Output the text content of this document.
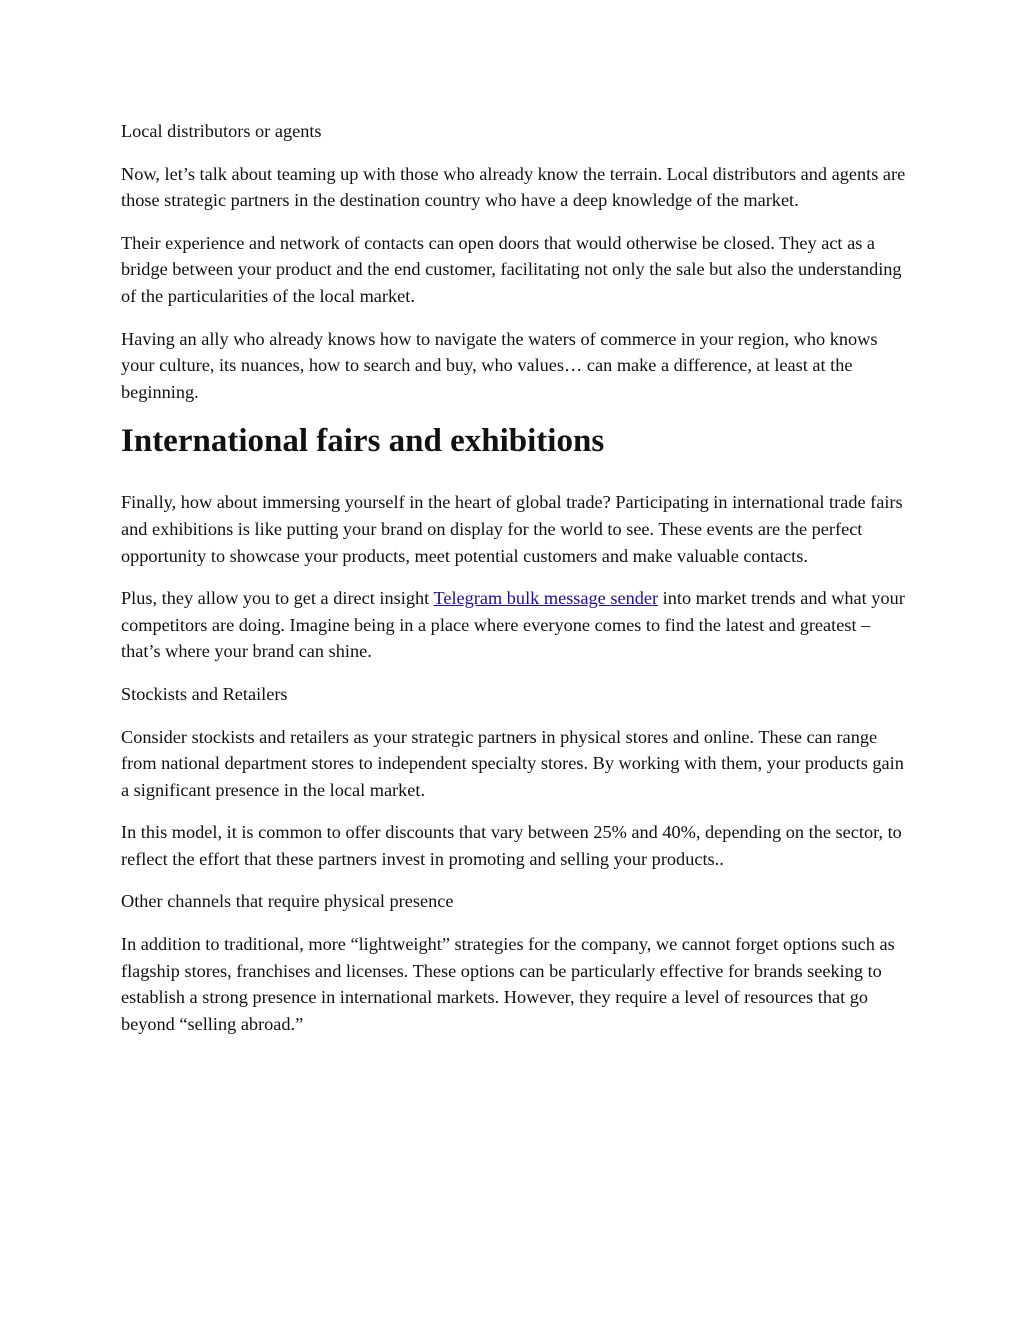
Local distributors or agents

Now, let’s talk about teaming up with those who already know the terrain. Local distributors and agents are those strategic partners in the destination country who have a deep knowledge of the market.

Their experience and network of contacts can open doors that would otherwise be closed. They act as a bridge between your product and the end customer, facilitating not only the sale but also the understanding of the particularities of the local market.

Having an ally who already knows how to navigate the waters of commerce in your region, who knows your culture, its nuances, how to search and buy, who values… can make a difference, at least at the beginning.

International fairs and exhibitions

Finally, how about immersing yourself in the heart of global trade? Participating in international trade fairs and exhibitions is like putting your brand on display for the world to see. These events are the perfect opportunity to showcase your products, meet potential customers and make valuable contacts.

Plus, they allow you to get a direct insight Telegram bulk message sender into market trends and what your competitors are doing. Imagine being in a place where everyone comes to find the latest and greatest – that’s where your brand can shine.

Stockists and Retailers

Consider stockists and retailers as your strategic partners in physical stores and online. These can range from national department stores to independent specialty stores. By working with them, your products gain a significant presence in the local market.

In this model, it is common to offer discounts that vary between 25% and 40%, depending on the sector, to reflect the effort that these partners invest in promoting and selling your products..

Other channels that require physical presence

In addition to traditional, more “lightweight” strategies for the company, we cannot forget options such as flagship stores, franchises and licenses. These options can be particularly effective for brands seeking to establish a strong presence in international markets. However, they require a level of resources that go beyond “selling abroad.”
